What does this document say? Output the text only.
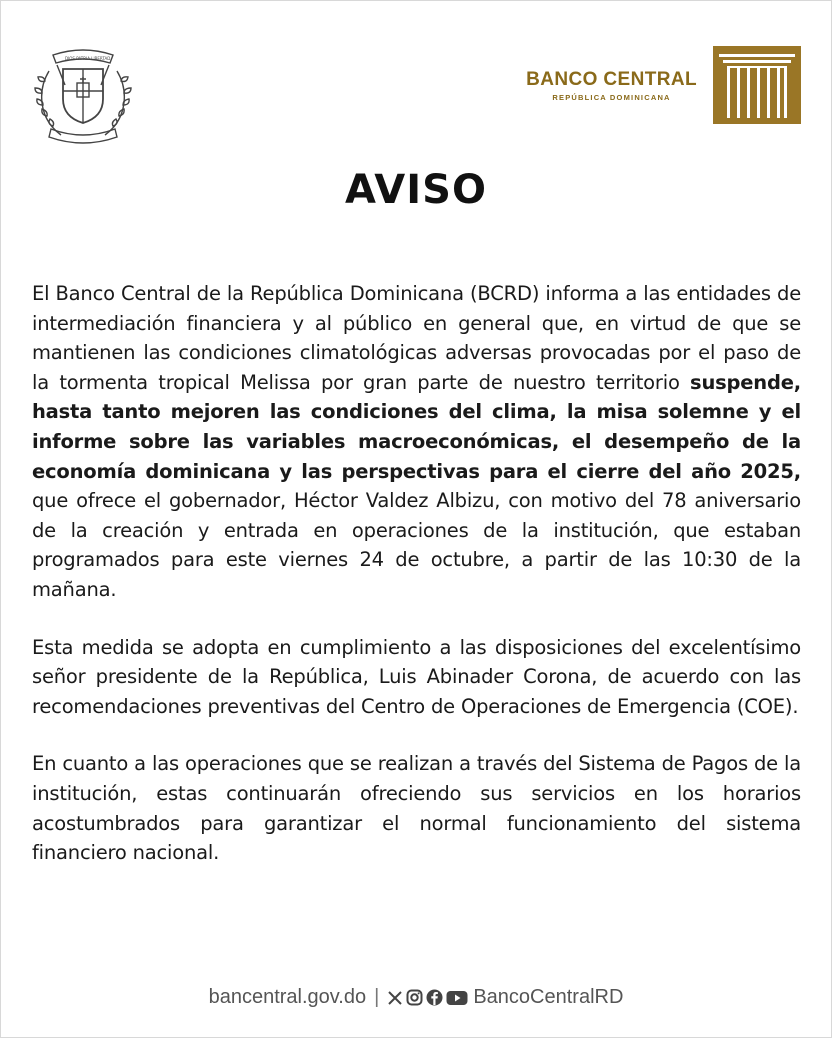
DIOS PATRIA LIBERTAD
BANCO CENTRAL
REPÚBLICA DOMINICANA
AVISO

El Banco Central de la República Dominicana (BCRD) informa a las entidades de intermediación financiera y al público en general que, en virtud de que se mantienen las condiciones climatológicas adversas provocadas por el paso de la tormenta tropical Melissa por gran parte de nuestro territorio suspende, hasta tanto mejoren las condiciones del clima, la misa solemne y el informe sobre las variables macroeconómicas, el desempeño de la economía dominicana y las perspectivas para el cierre del año 2025, que ofrece el gobernador, Héctor Valdez Albizu, con motivo del 78 aniversario de la creación y entrada en operaciones de la institución, que estaban programados para este viernes 24 de octubre, a partir de las 10:30 de la mañana.

Esta medida se adopta en cumplimiento a las disposiciones del excelentísimo señor presidente de la República, Luis Abinader Corona, de acuerdo con las recomendaciones preventivas del Centro de Operaciones de Emergencia (COE).

En cuanto a las operaciones que se realizan a través del Sistema de Pagos de la institución, estas continuarán ofreciendo sus servicios en los horarios acostumbrados para garantizar el normal funcionamiento del sistema financiero nacional.

bancentral.gov.do |	BancoCentralRD
